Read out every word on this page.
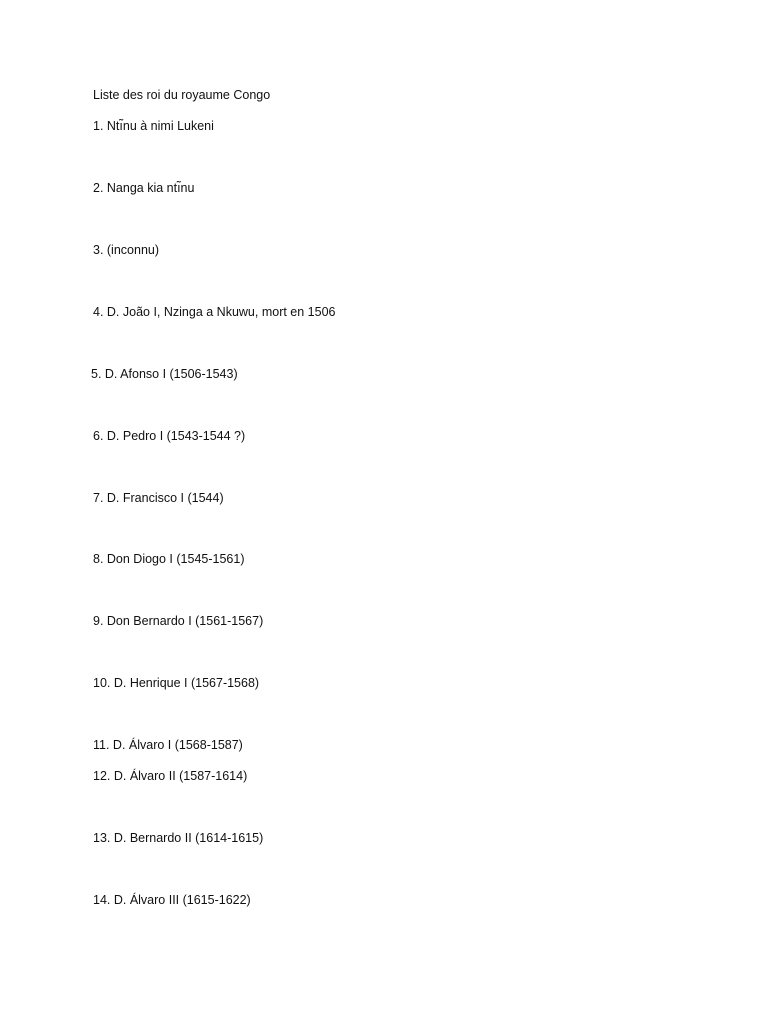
Liste des roi du royaume Congo
1. Ntı̃nu à nimi Lukeni
2. Nanga kia ntı̃nu
3. (inconnu)
4. D. João I, Nzinga a Nkuwu, mort en 1506
5. D. Afonso I (1506-1543)
6. D. Pedro I (1543-1544 ?)
7. D. Francisco I (1544)
8. Don Diogo I (1545-1561)
9. Don Bernardo I (1561-1567)
10. D. Henrique I (1567-1568)
11. D. Álvaro I (1568-1587)
12. D. Álvaro II (1587-1614)
13. D. Bernardo II (1614-1615)
14. D. Álvaro III (1615-1622)
